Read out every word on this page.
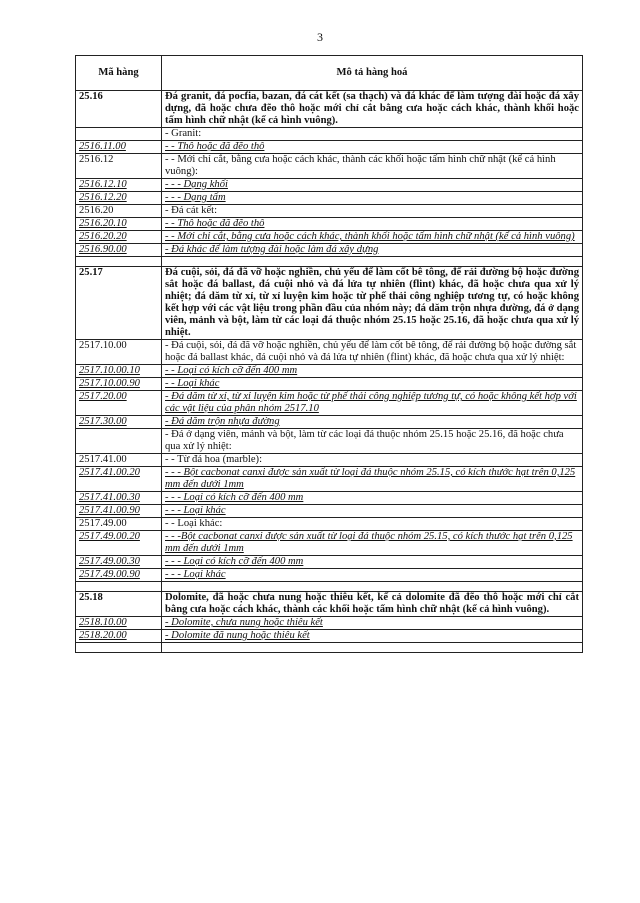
3
Mã hàng	Mô tả hàng hoá
25.16	Đá granit, đá pocfia, bazan, đá cát kết (sa thạch) và đá khác để làm tượng đài hoặc đá xây dựng, đã hoặc chưa đẽo thô hoặc mới chỉ cắt bằng cưa hoặc cách khác, thành khối hoặc tấm hình chữ nhật (kể cả hình vuông).
	- Granit:
2516.11.00	- - Thô hoặc đã đẽo thô
2516.12	- - Mới chỉ cắt, bằng cưa hoặc cách khác, thành các khối hoặc tấm hình chữ nhật (kể cả hình vuông):
2516.12.10	- - - Dạng khối
2516.12.20	- - - Dạng tấm
2516.20	- Đá cát kết:
2516.20.10	- - Thô hoặc đã đẽo thô
2516.20.20	- - Mới chỉ cắt, bằng cưa hoặc cách khác, thành khối hoặc tấm hình chữ nhật (kể cả hình vuông)
2516.90.00	- Đá khác để làm tượng đài hoặc làm đá xây dựng

25.17	Đá cuội, sỏi, đá đã vỡ hoặc nghiền, chủ yếu để làm cốt bê tông, để rải đường bộ hoặc đường sắt hoặc đá ballast, đá cuội nhỏ và đá lửa tự nhiên (flint) khác, đã hoặc chưa qua xử lý nhiệt; đá dăm từ xỉ, từ xỉ luyện kim hoặc từ phế thải công nghiệp tương tự, có hoặc không kết hợp với các vật liệu trong phần đầu của nhóm này; đá dăm trộn nhựa đường, đá ở dạng viên, mảnh và bột, làm từ các loại đá thuộc nhóm 25.15 hoặc 25.16, đã hoặc chưa qua xử lý nhiệt.
2517.10.00	- Đá cuội, sỏi, đá đã vỡ hoặc nghiền, chủ yếu để làm cốt bê tông, để rải đường bộ hoặc đường sắt hoặc đá ballast khác, đá cuội nhỏ và đá lửa tự nhiên (flint) khác, đã hoặc chưa qua xử lý nhiệt:
2517.10.00.10	- - Loại có kích cỡ đến 400 mm
2517.10.00.90	- - Loại khác
2517.20.00	- Đá dăm từ xỉ, từ xỉ luyện kim hoặc từ phế thải công nghiệp tương tự, có hoặc không kết hợp với các vật liệu của phân nhóm 2517.10
2517.30.00	- Đá dăm trộn nhựa đường
	- Đá ở dạng viên, mảnh và bột, làm từ các loại đá thuộc nhóm 25.15 hoặc 25.16, đã hoặc chưa qua xử lý nhiệt:
2517.41.00	- - Từ đá hoa (marble):
2517.41.00.20	- - - Bột cacbonat canxi được sản xuất từ loại đá thuộc nhóm 25.15, có kích thước hạt trên 0,125 mm đến dưới 1mm
2517.41.00.30	- - - Loại có kích cỡ đến 400 mm
2517.41.00.90	- - - Loại khác
2517.49.00	- - Loại khác:
2517.49.00.20	- - -Bột cacbonat canxi được sản xuất từ loại đá thuộc nhóm 25.15, có kích thước hạt trên 0,125 mm đến dưới 1mm
2517.49.00.30	- - - Loại có kích cỡ đến 400 mm
2517.49.00.90	- - - Loại khác

25.18	Dolomite, đã hoặc chưa nung hoặc thiêu kết, kể cả dolomite đã đẽo thô hoặc mới chỉ cắt bằng cưa hoặc cách khác, thành các khối hoặc tấm hình chữ nhật (kể cả hình vuông).
2518.10.00	- Dolomite, chưa nung hoặc thiêu kết
2518.20.00	- Dolomite đã nung hoặc thiêu kết
